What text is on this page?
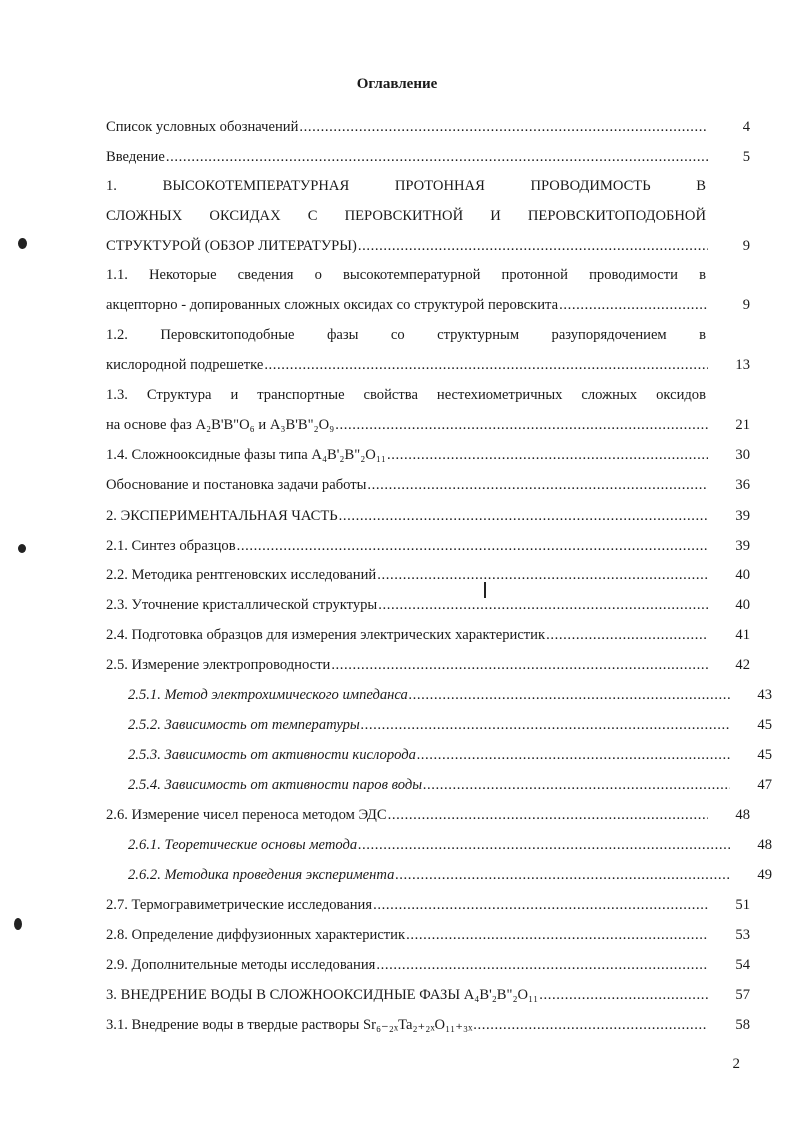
Оглавление
Список условных обозначений .....	4
Введение .....	5
1. ВЫСОКОТЕМПЕРАТУРНАЯ ПРОТОННАЯ ПРОВОДИМОСТЬ В
СЛОЖНЫХ ОКСИДАХ С ПЕРОВСКИТНОЙ И ПЕРОВСКИТОПОДОБНОЙ
СТРУКТУРОЙ (ОБЗОР ЛИТЕРАТУРЫ) .....	9
1.1. Некоторые сведения о высокотемпературной протонной проводимости в
акцепторно - допированных сложных оксидах со структурой перовскита .....	9
1.2. Перовскитоподобные фазы со структурным разупорядочением в
кислородной подрешетке .....	13
1.3. Структура и транспортные свойства нестехиометричных сложных оксидов
на основе фаз A₂B'B"O₆ и A₃B'B"₂O₉ .....	21
1.4. Сложнооксидные фазы типа A₄B'₂B"₂O₁₁ .....	30
Обоснование и постановка задачи работы .....	36
2. ЭКСПЕРИМЕНТАЛЬНАЯ ЧАСТЬ .....	39
2.1. Синтез образцов .....	39
2.2. Методика рентгеновских исследований .....	40
2.3. Уточнение кристаллической структуры .....	40
2.4. Подготовка образцов для измерения электрических характеристик .....	41
2.5. Измерение электропроводности .....	42
2.5.1. Метод электрохимического импеданса .....	43
2.5.2. Зависимость от температуры .....	45
2.5.3. Зависимость от активности кислорода .....	45
2.5.4. Зависимость от активности паров воды .....	47
2.6. Измерение чисел переноса методом ЭДС .....	48
2.6.1. Теоретические основы метода .....	48
2.6.2. Методика проведения эксперимента .....	49
2.7. Термогравиметрические исследования .....	51
2.8. Определение диффузионных характеристик .....	53
2.9. Дополнительные методы исследования .....	54
3. ВНЕДРЕНИЕ ВОДЫ В СЛОЖНООКСИДНЫЕ ФАЗЫ A₄B'₂B"₂O₁₁ .....	57
3.1. Внедрение воды в твердые растворы Sr₆₋₂ₓTa₂₊₂ₓO₁₁₊₃ₓ .....	58
2
